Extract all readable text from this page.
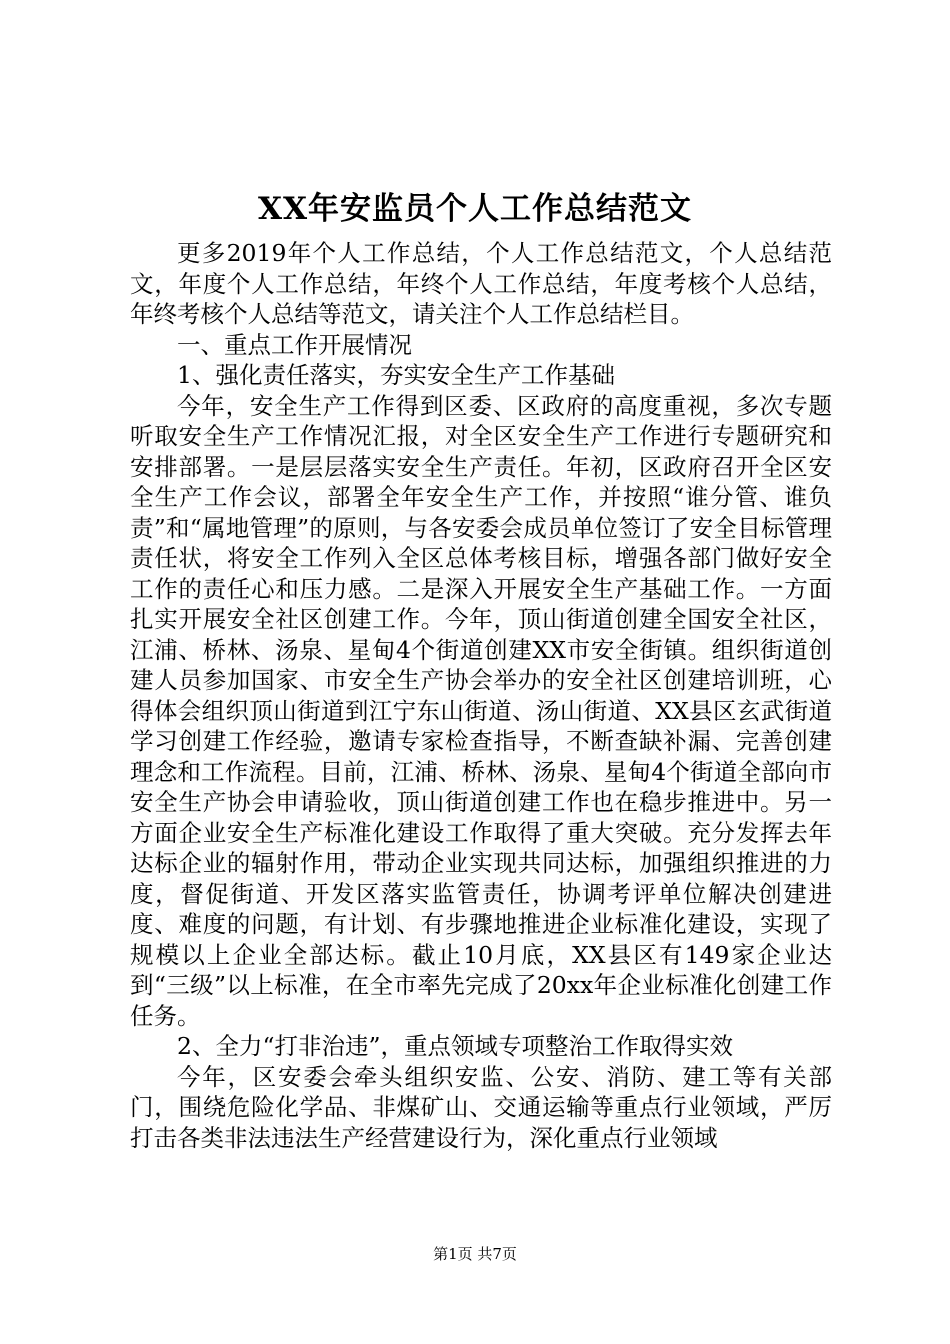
XX年安监员个人工作总结范文

更多2019年个人工作总结，个人工作总结范文，个人总结范文，年度个人工作总结，年终个人工作总结，年度考核个人总结，年终考核个人总结等范文，请关注个人工作总结栏目。

一、重点工作开展情况

1、强化责任落实，夯实安全生产工作基础

今年，安全生产工作得到区委、区政府的高度重视，多次专题听取安全生产工作情况汇报，对全区安全生产工作进行专题研究和安排部署。一是层层落实安全生产责任。年初，区政府召开全区安全生产工作会议，部署全年安全生产工作，并按照“谁分管、谁负责”和“属地管理”的原则，与各安委会成员单位签订了安全目标管理责任状，将安全工作列入全区总体考核目标，增强各部门做好安全工作的责任心和压力感。二是深入开展安全生产基础工作。一方面扎实开展安全社区创建工作。今年，顶山街道创建全国安全社区，江浦、桥林、汤泉、星甸4个街道创建XX市安全街镇。组织街道创建人员参加国家、市安全生产协会举办的安全社区创建培训班，心得体会组织顶山街道到江宁东山街道、汤山街道、XX县区玄武街道学习创建工作经验，邀请专家检查指导，不断查缺补漏、完善创建理念和工作流程。目前，江浦、桥林、汤泉、星甸4个街道全部向市安全生产协会申请验收，顶山街道创建工作也在稳步推进中。另一方面企业安全生产标准化建设工作取得了重大突破。充分发挥去年达标企业的辐射作用，带动企业实现共同达标，加强组织推进的力度，督促街道、开发区落实监管责任，协调考评单位解决创建进度、难度的问题，有计划、有步骤地推进企业标准化建设，实现了规模以上企业全部达标。截止10月底，XX县区有149家企业达到“三级”以上标准，在全市率先完成了20xx年企业标准化创建工作任务。

2、全力“打非治违”，重点领域专项整治工作取得实效

今年，区安委会牵头组织安监、公安、消防、建工等有关部门，围绕危险化学品、非煤矿山、交通运输等重点行业领域，严厉打击各类非法违法生产经营建设行为，深化重点行业领域

第1页 共7页
